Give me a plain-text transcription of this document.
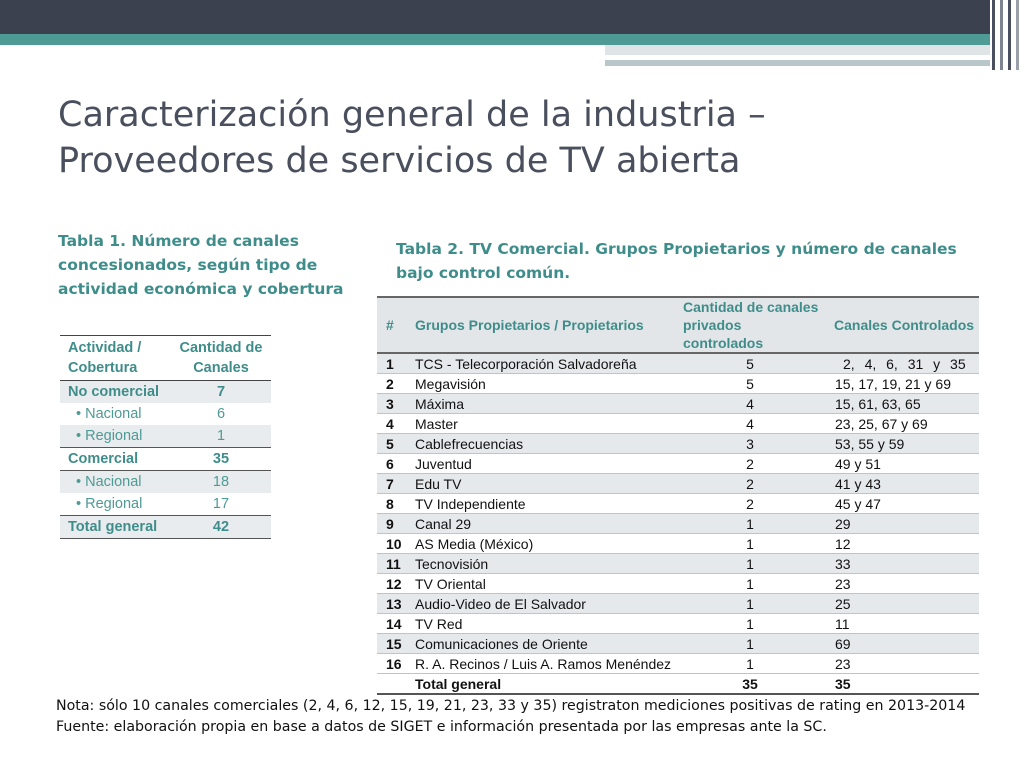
Caracterización general de la industria –
Proveedores de servicios de TV abierta
Tabla 1. Número de canales concesionados, según tipo de actividad económica y cobertura
Tabla 2. TV Comercial. Grupos Propietarios y número de canales bajo control común.
Actividad / Cobertura	Cantidad de Canales
No comercial	7
• Nacional	6
• Regional	1
Comercial	35
• Nacional	18
• Regional	17
Total general	42
#	Grupos Propietarios / Propietarios	Cantidad de canales privados controlados	Canales Controlados
1	TCS - Telecorporación Salvadoreña	5	2, 4, 6, 31 y 35
2	Megavisión	5	15, 17, 19, 21 y 69
3	Máxima	4	15, 61, 63, 65
4	Master	4	23, 25, 67 y 69
5	Cablefrecuencias	3	53, 55 y 59
6	Juventud	2	49 y 51
7	Edu TV	2	41 y 43
8	TV Independiente	2	45 y 47
9	Canal 29	1	29
10	AS Media (México)	1	12
11	Tecnovisión	1	33
12	TV Oriental	1	23
13	Audio-Video de El Salvador	1	25
14	TV Red	1	11
15	Comunicaciones de Oriente	1	69
16	R. A. Recinos / Luis A. Ramos Menéndez	1	23
	Total general	35	35
Nota: sólo 10 canales comerciales (2, 4, 6, 12, 15, 19, 21, 23, 33 y 35) registraton mediciones positivas de rating en 2013-2014
Fuente: elaboración propia en base a datos de SIGET e información presentada por las empresas ante la SC.
